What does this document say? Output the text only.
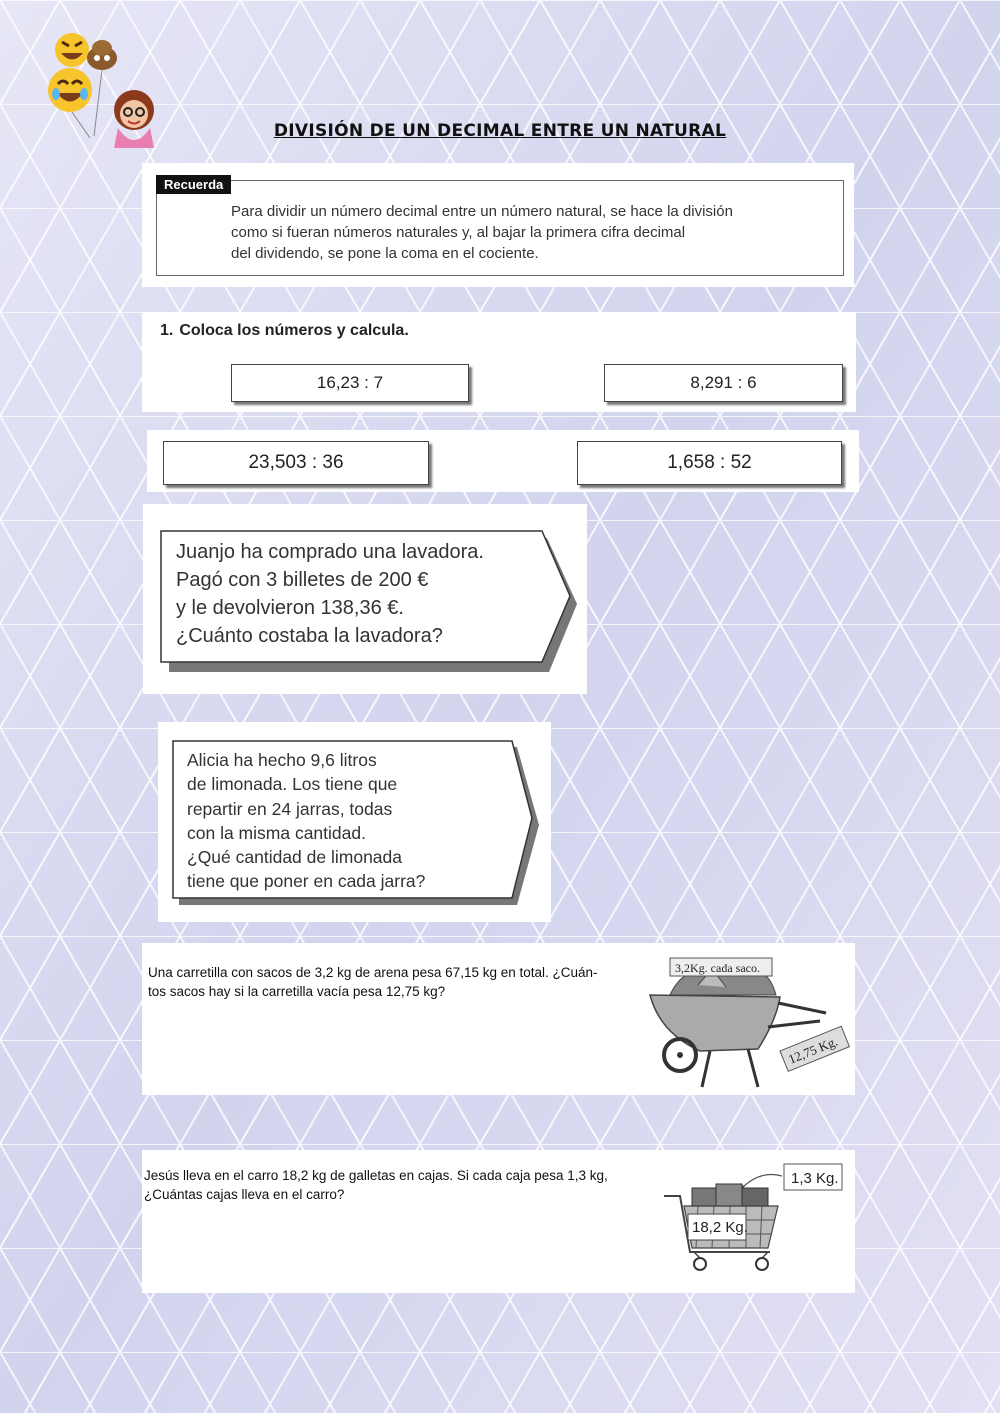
DIVISIÓN DE UN DECIMAL ENTRE UN NATURAL
Recuerda
Para dividir un número decimal entre un número natural, se hace la división
como si fueran números naturales y, al bajar la primera cifra decimal
del dividendo, se pone la coma en el cociente.
1. Coloca los números y calcula.
16,23 : 7	8,291 : 6
23,503 : 36	1,658 : 52
Juanjo ha comprado una lavadora.
Pagó con 3 billetes de 200 €
y le devolvieron 138,36 €.
¿Cuánto costaba la lavadora?
Alicia ha hecho 9,6 litros
de limonada. Los tiene que
repartir en 24 jarras, todas
con la misma cantidad.
¿Qué cantidad de limonada
tiene que poner en cada jarra?
Una carretilla con sacos de 3,2 kg de arena pesa 67,15 kg en total. ¿Cuán-
tos sacos hay si la carretilla vacía pesa 12,75 kg?
3,2Kg. cada saco.
12,75 Kg.
Jesús lleva en el carro 18,2 kg de galletas en cajas. Si cada caja pesa 1,3 kg,
¿Cuántas cajas lleva en el carro?
1,3 Kg.
18,2 Kg.
